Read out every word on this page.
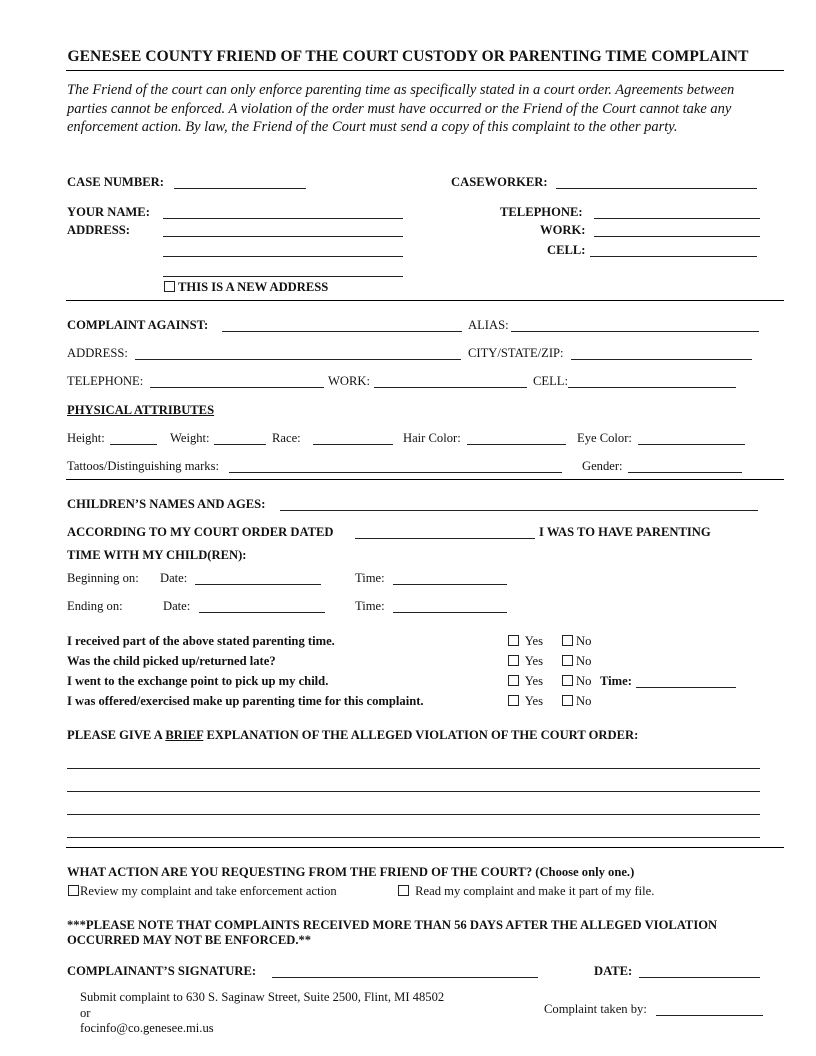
GENESEE COUNTY FRIEND OF THE COURT CUSTODY OR PARENTING TIME COMPLAINT
The Friend of the court can only enforce parenting time as specifically stated in a court order. Agreements between parties cannot be enforced. A violation of the order must have occurred or the Friend of the Court cannot take any enforcement action. By law, the Friend of the Court must send a copy of this complaint to the other party.
CASE NUMBER:	CASEWORKER:
YOUR NAME:
ADDRESS:
TELEPHONE:
WORK:
CELL:
THIS IS A NEW ADDRESS
COMPLAINT AGAINST:	ALIAS:
ADDRESS:	CITY/STATE/ZIP:
TELEPHONE:	WORK:	CELL:
PHYSICAL ATTRIBUTES
Height:	Weight:	Race:	Hair Color:	Eye Color:
Tattoos/Distinguishing marks:	Gender:
CHILDREN’S NAMES AND AGES:
ACCORDING TO MY COURT ORDER DATED	I WAS TO HAVE PARENTING
TIME WITH MY CHILD(REN):
Beginning on: Date:	Time:
Ending on:	Date:	Time:
I received part of the above stated parenting time.	Yes	No
Was the child picked up/returned late?	Yes	No
I went to the exchange point to pick up my child.	Yes	No Time:
I was offered/exercised make up parenting time for this complaint.	Yes	No
PLEASE GIVE A BRIEF EXPLANATION OF THE ALLEGED VIOLATION OF THE COURT ORDER:
WHAT ACTION ARE YOU REQUESTING FROM THE FRIEND OF THE COURT? (Choose only one.)
Review my complaint and take enforcement action	Read my complaint and make it part of my file.
***PLEASE NOTE THAT COMPLAINTS RECEIVED MORE THAN 56 DAYS AFTER THE ALLEGED VIOLATION
OCCURRED MAY NOT BE ENFORCED.**
COMPLAINANT’S SIGNATURE:	DATE:
Submit complaint to 630 S. Saginaw Street, Suite 2500, Flint, MI 48502
or
focinfo@co.genesee.mi.us
Complaint taken by:
